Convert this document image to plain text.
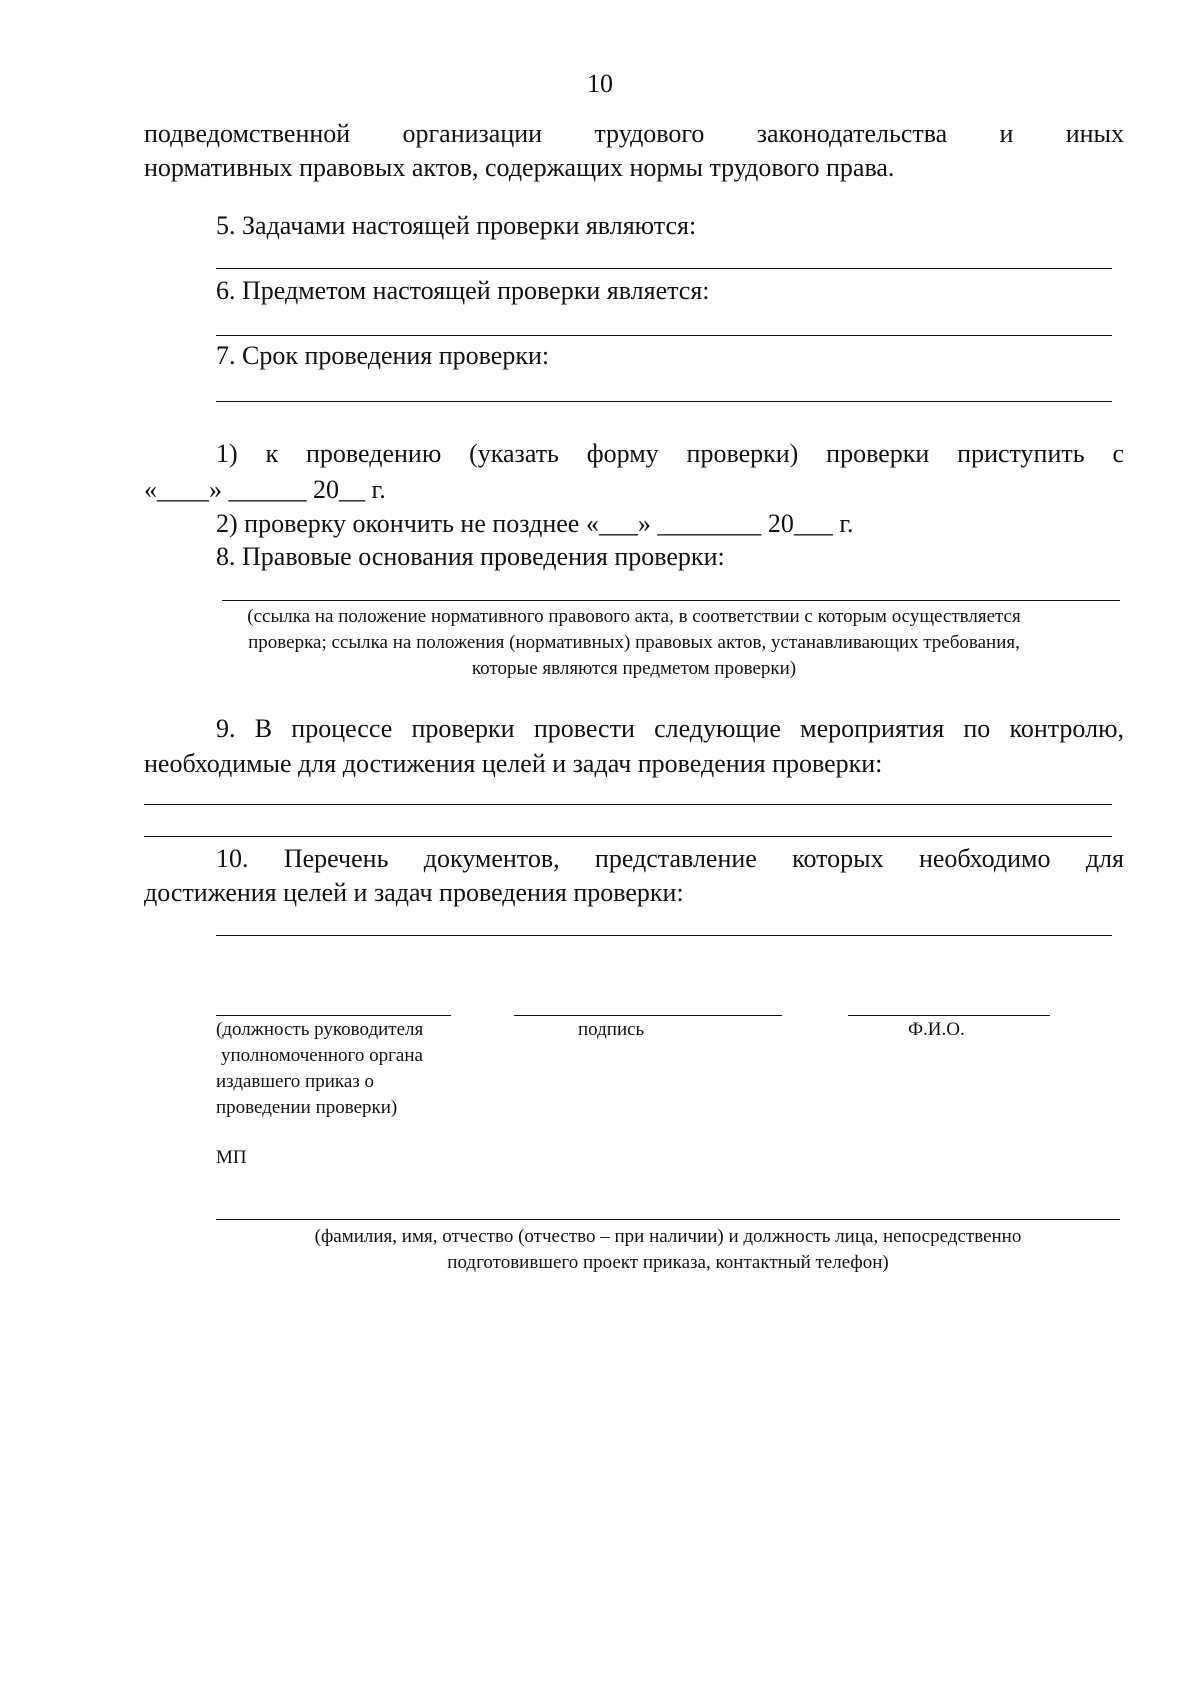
10
подведомственной организации трудового законодательства и иных
нормативных правовых актов, содержащих нормы трудового права.
5. Задачами настоящей проверки являются:
6. Предметом настоящей проверки является:
7. Срок проведения проверки:
1) к проведению (указать форму проверки) проверки приступить с
«____» ______ 20__ г.
2) проверку окончить не позднее «___» ________ 20___ г.
8. Правовые основания проведения проверки:
(ссылка на положение нормативного правового акта, в соответствии с которым осуществляется
проверка; ссылка на положения (нормативных) правовых актов, устанавливающих требования,
которые являются предметом проверки)
9. В процессе проверки провести следующие мероприятия по контролю,
необходимые для достижения целей и задач проведения проверки:
10. Перечень документов, представление которых необходимо для
достижения целей и задач проведения проверки:
(должность руководителя
уполномоченного органа
издавшего приказ о
проведении проверки)
подпись	Ф.И.О.
МП
(фамилия, имя, отчество (отчество – при наличии) и должность лица, непосредственно
подготовившего проект приказа, контактный телефон)
